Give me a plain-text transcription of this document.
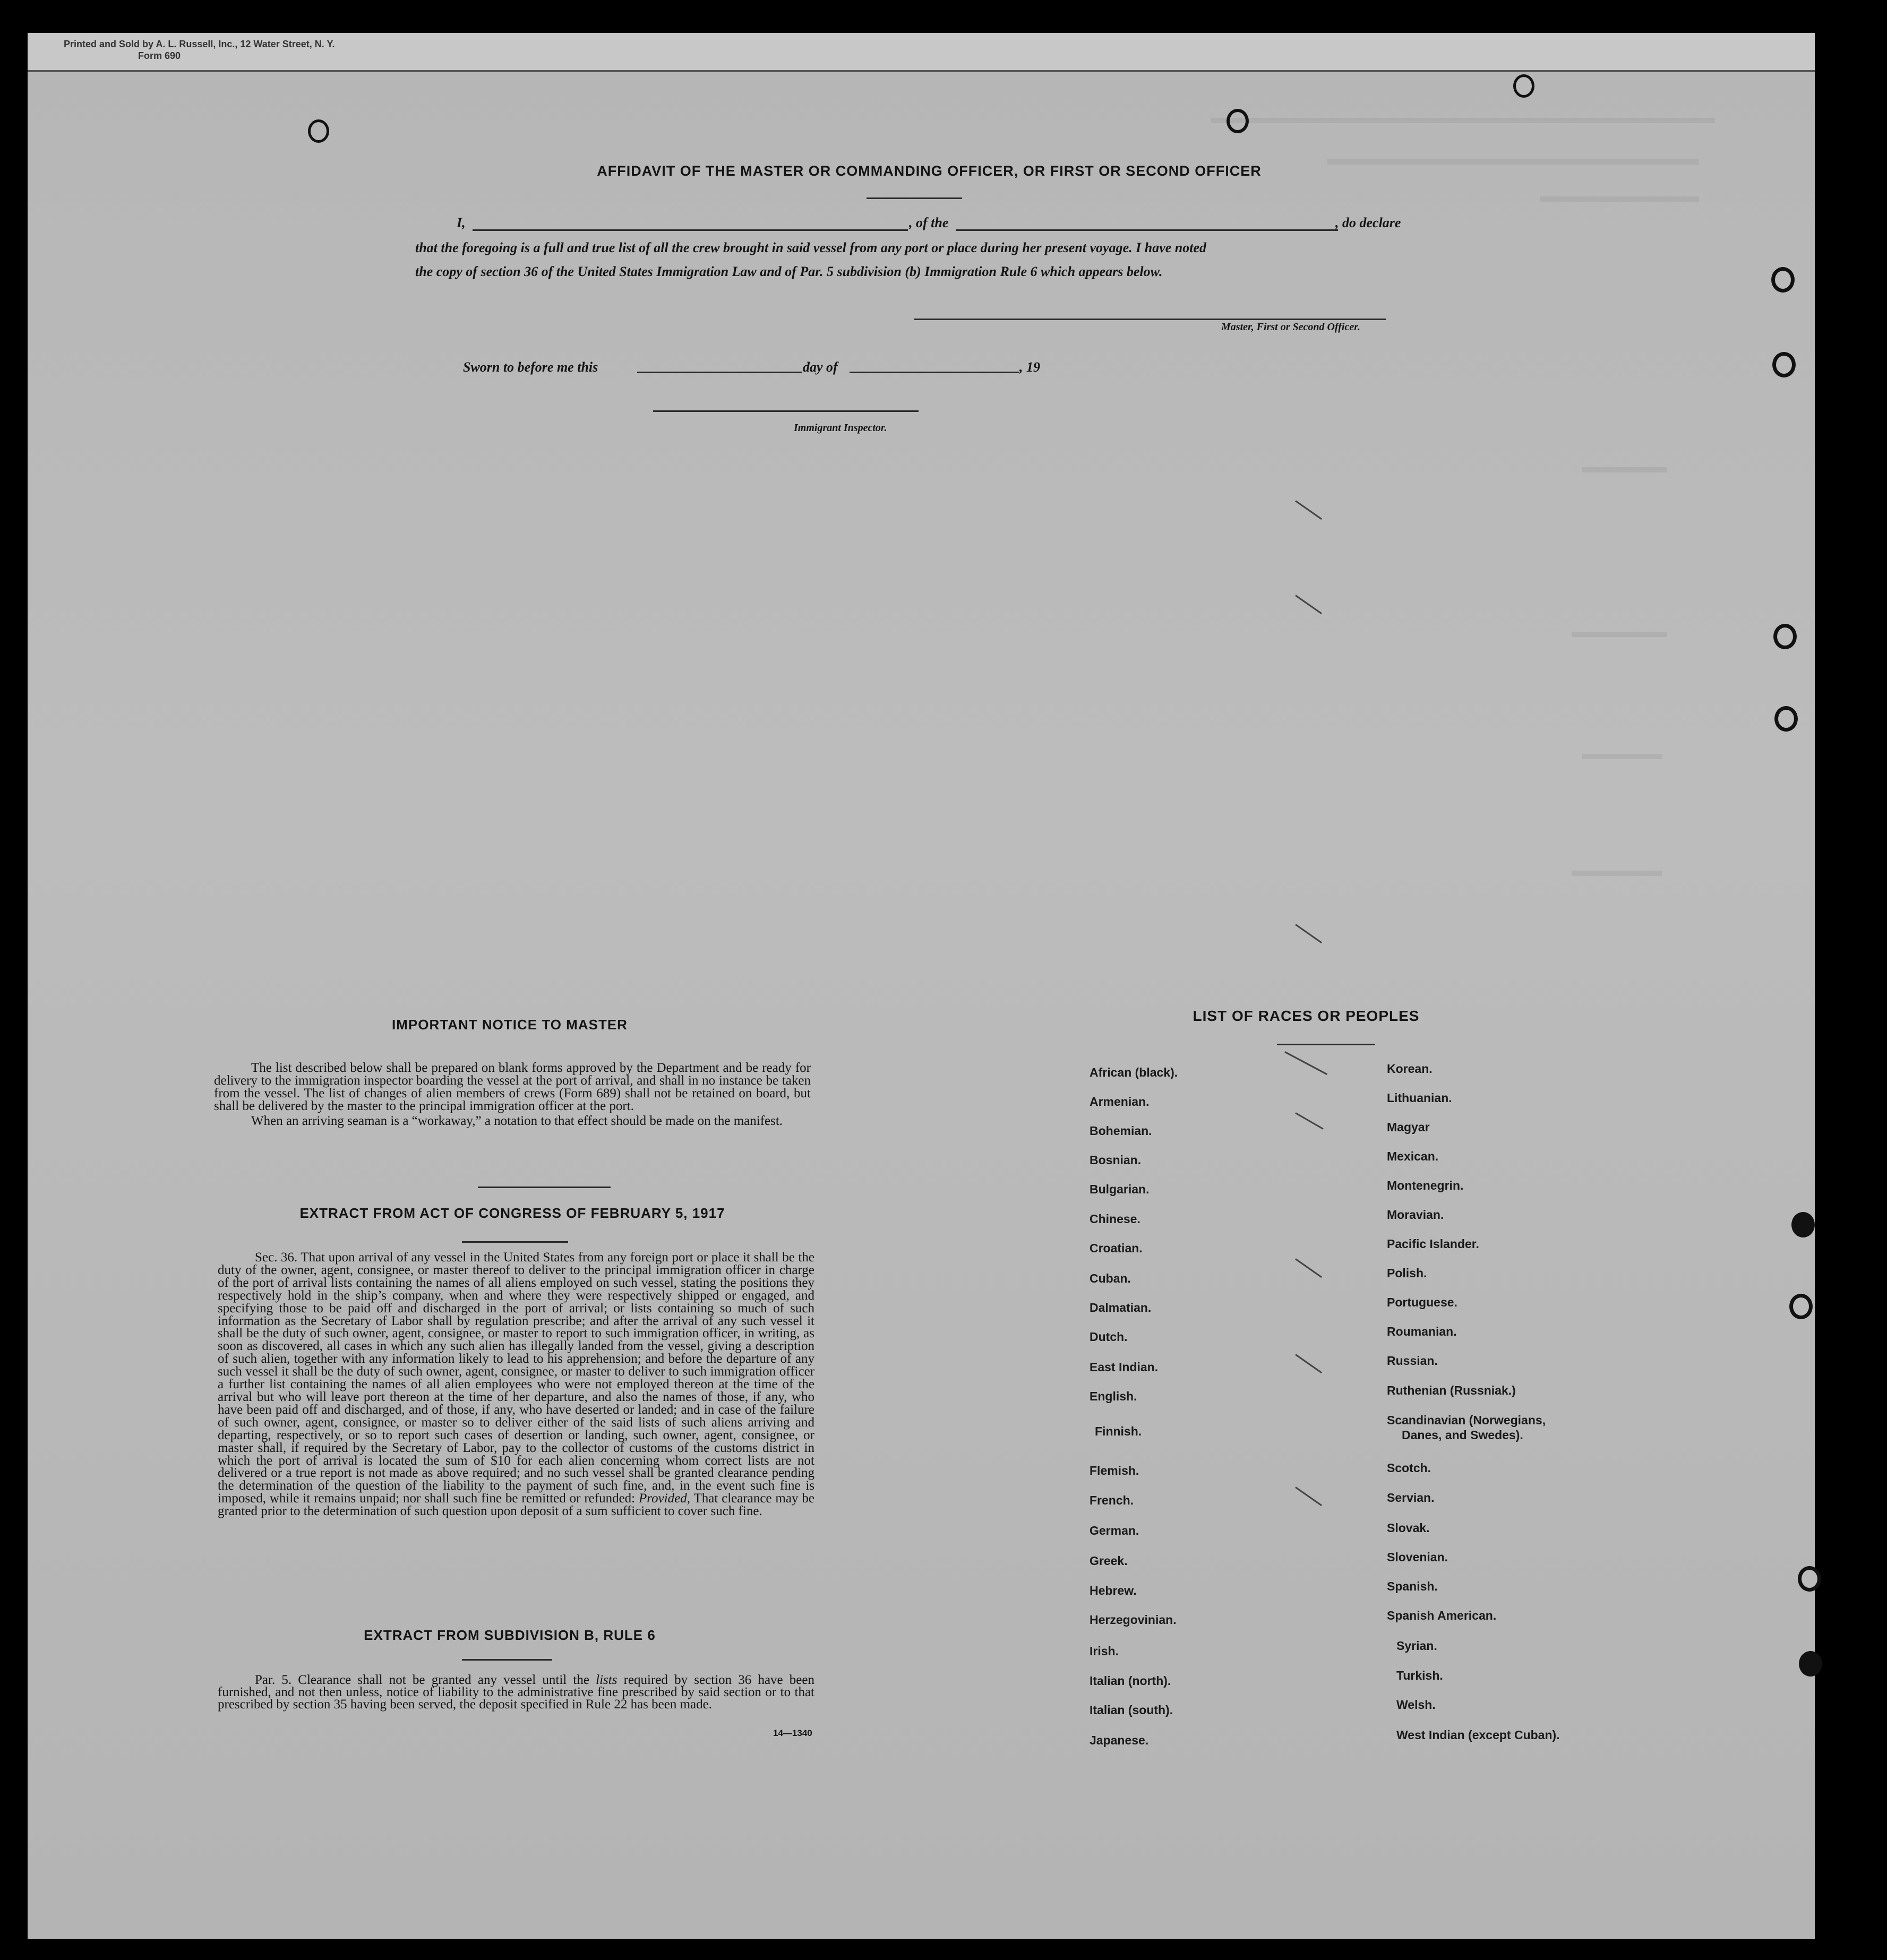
Printed and Sold by A. L. Russell, Inc., 12 Water Street, N. Y.
Form 690
AFFIDAVIT OF THE MASTER OR COMMANDING OFFICER, OR FIRST OR SECOND OFFICER
I,	, of the	, do declare
that the foregoing is a full and true list of all the crew brought in said vessel from any port or place during her present voyage. I have noted
the copy of section 36 of the United States Immigration Law and of Par. 5 subdivision (b) Immigration Rule 6 which appears below.
Master, First or Second Officer.
Sworn to before me this	day of	, 19
Immigrant Inspector.
IMPORTANT NOTICE TO MASTER

The list described below shall be prepared on blank forms approved by the Department and be ready for delivery to the immigration inspector boarding the vessel at the port of arrival, and shall in no instance be taken from the vessel. The list of changes of alien members of crews (Form 689) shall not be retained on board, but shall be delivered by the master to the principal immigration officer at the port.

When an arriving seaman is a “workaway,” a notation to that effect should be made on the manifest.

EXTRACT FROM ACT OF CONGRESS OF FEBRUARY 5, 1917

Sec. 36. That upon arrival of any vessel in the United States from any foreign port or place it shall be the duty of the owner, agent, consignee, or master thereof to deliver to the principal immigration officer in charge of the port of arrival lists containing the names of all aliens employed on such vessel, stating the positions they respectively hold in the ship’s company, when and where they were respectively shipped or engaged, and specifying those to be paid off and discharged in the port of arrival; or lists containing so much of such information as the Secretary of Labor shall by regulation prescribe; and after the arrival of any such vessel it shall be the duty of such owner, agent, consignee, or master to report to such immigration officer, in writing, as soon as discovered, all cases in which any such alien has illegally landed from the vessel, giving a description of such alien, together with any information likely to lead to his apprehension; and before the departure of any such vessel it shall be the duty of such owner, agent, consignee, or master to deliver to such immigration officer a further list containing the names of all alien employees who were not employed thereon at the time of the arrival but who will leave port thereon at the time of her departure, and also the names of those, if any, who have been paid off and discharged, and of those, if any, who have deserted or landed; and in case of the failure of such owner, agent, consignee, or master so to deliver either of the said lists of such aliens arriving and departing, respectively, or so to report such cases of desertion or landing, such owner, agent, consignee, or master shall, if required by the Secretary of Labor, pay to the collector of customs of the customs district in which the port of arrival is located the sum of $10 for each alien concerning whom correct lists are not delivered or a true report is not made as above required; and no such vessel shall be granted clearance pending the determination of the question of the liability to the payment of such fine, and, in the event such fine is imposed, while it remains unpaid; nor shall such fine be remitted or refunded: Provided, That clearance may be granted prior to the determination of such question upon deposit of a sum sufficient to cover such fine.

EXTRACT FROM SUBDIVISION B, RULE 6

Par. 5. Clearance shall not be granted any vessel until the lists required by section 36 have been furnished, and not then unless, notice of liability to the administrative fine prescribed by said section or to that prescribed by section 35 having been served, the deposit specified in Rule 22 has been made.

14—1340
LIST OF RACES OR PEOPLES
African (black).
Armenian.
Bohemian.
Bosnian.
Bulgarian.
Chinese.
Croatian.
Cuban.
Dalmatian.
Dutch.
East Indian.
English.
Finnish.
Flemish.
French.
German.
Greek.
Hebrew.
Herzegovinian.
Irish.
Italian (north).
Italian (south).
Japanese.
Korean.
Lithuanian.
Magyar
Mexican.
Montenegrin.
Moravian.
Pacific Islander.
Polish.
Portuguese.
Roumanian.
Russian.
Ruthenian (Russniak.)
Scandinavian (Norwegians,
Danes, and Swedes).
Scotch.
Servian.
Slovak.
Slovenian.
Spanish.
Spanish American.
Syrian.
Turkish.
Welsh.
West Indian (except Cuban).
